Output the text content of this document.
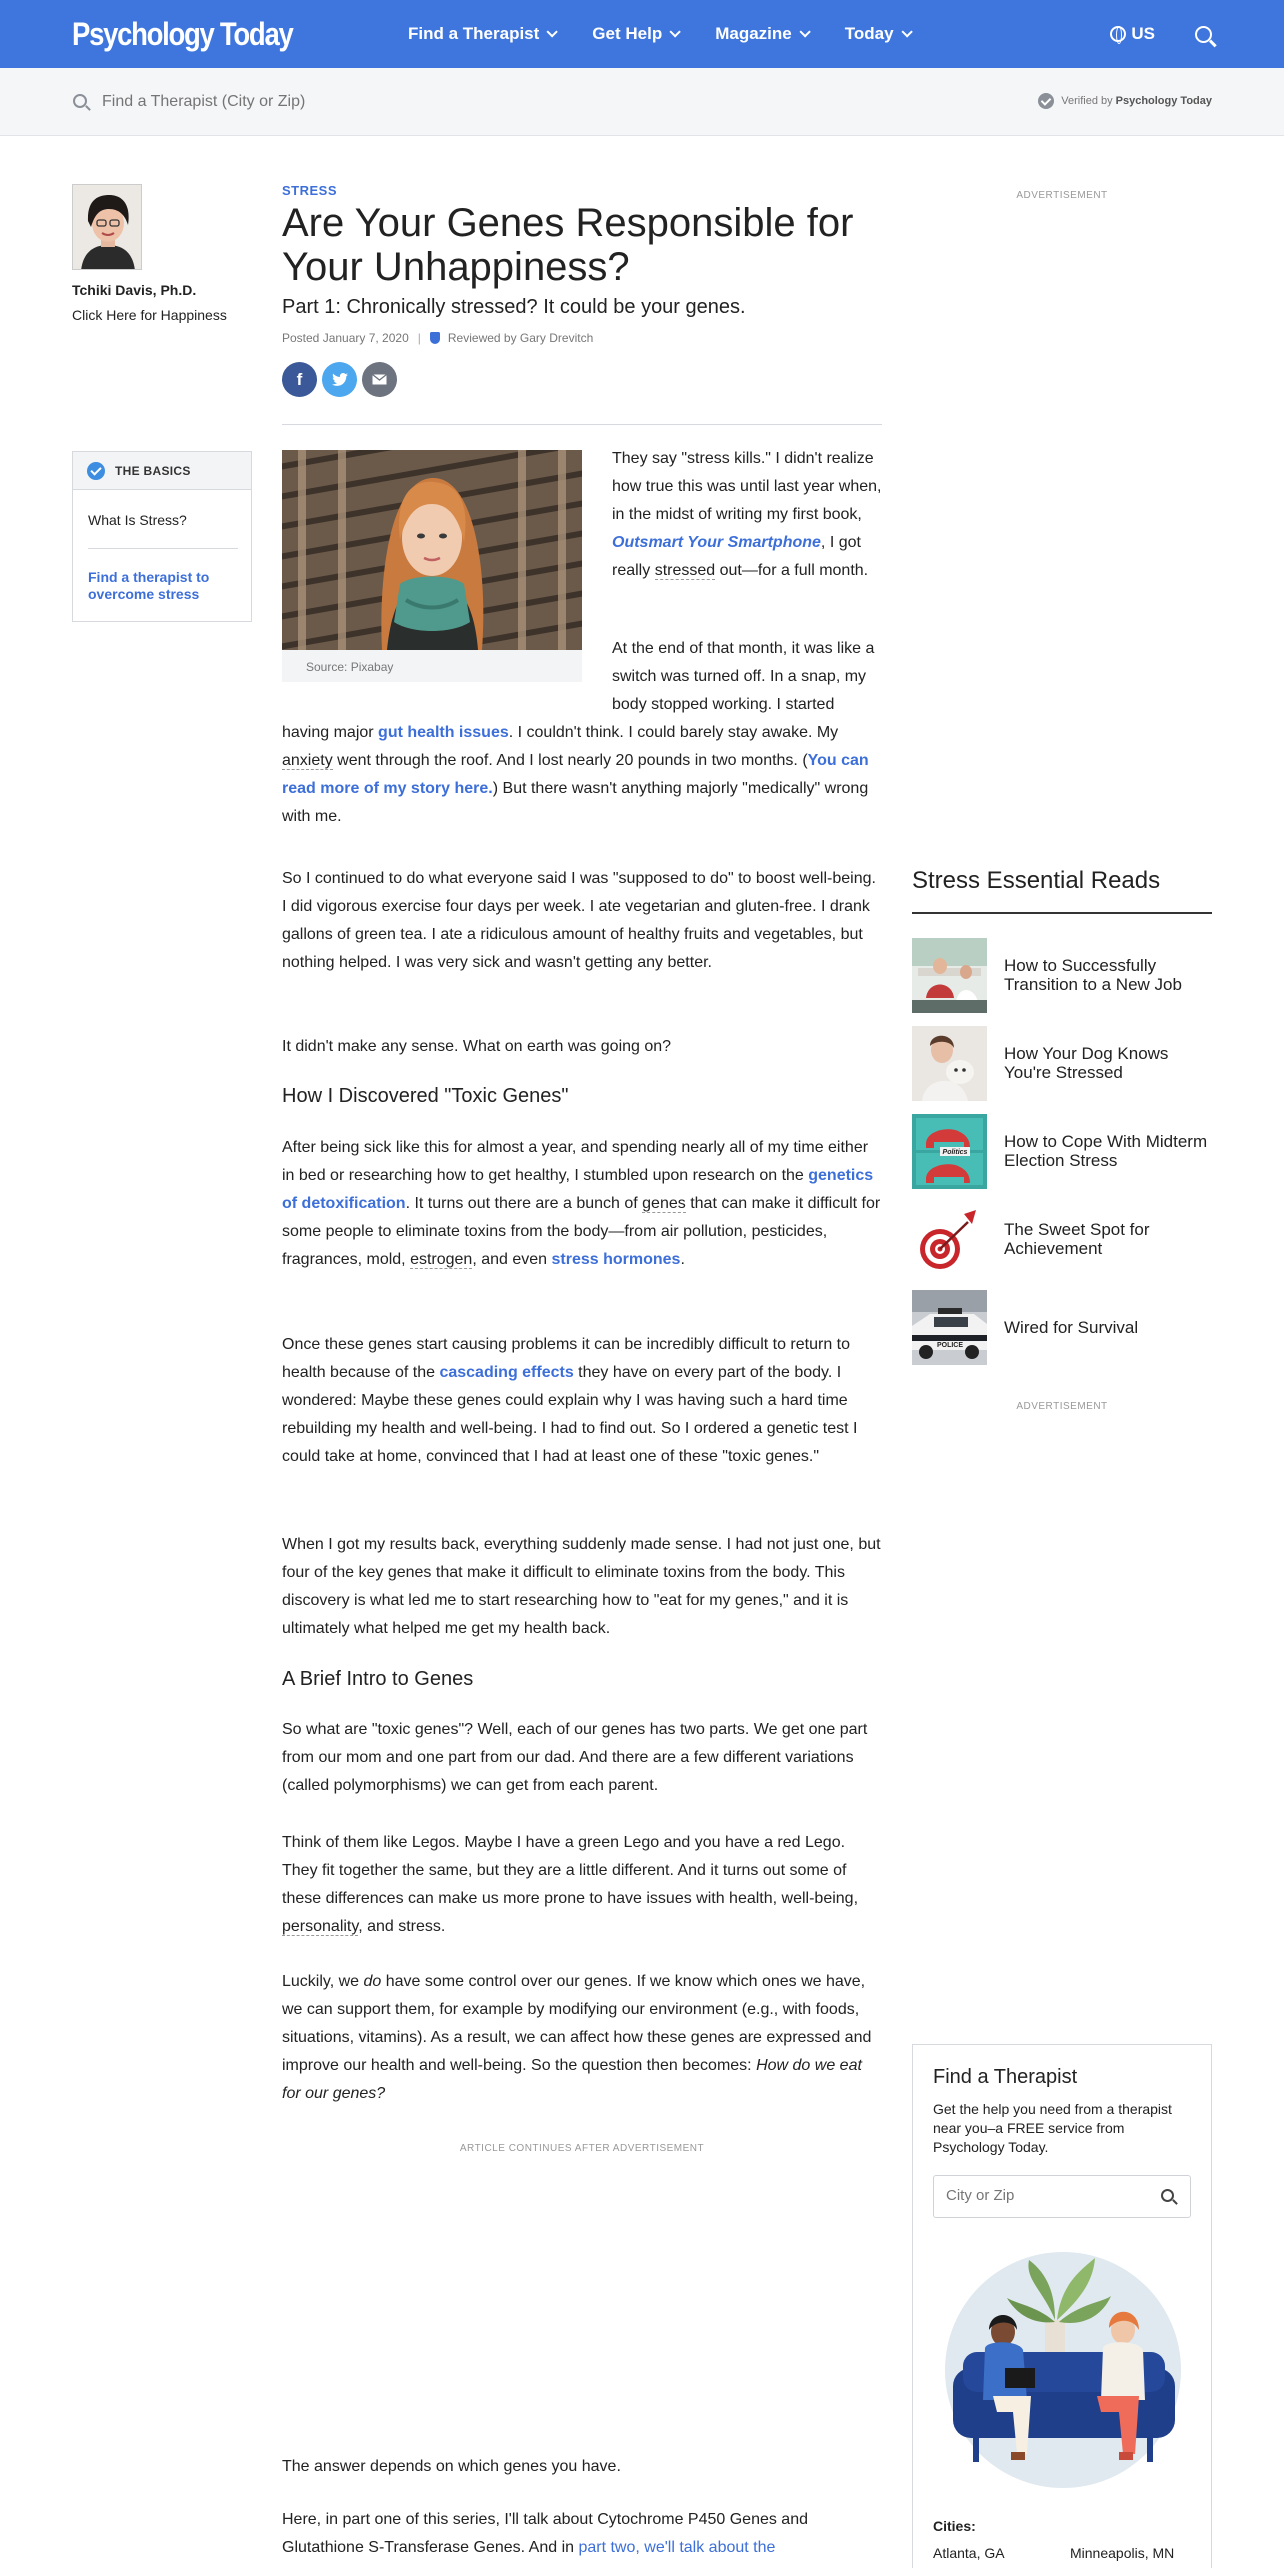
Psychology Today	Find a Therapist	Get Help	Magazine	Today	US
Find a Therapist (City or Zip)
Verified by Psychology Today
Tchiki Davis, Ph.D.
Click Here for Happiness
THE BASICS
What Is Stress?
Find a therapist to overcome stress
STRESS
Are Your Genes Responsible for Your Unhappiness?
Part 1: Chronically stressed? It could be your genes.
Posted January 7, 2020 | Reviewed by Gary Drevitch
f
Source: Pixabay
They say "stress kills." I didn't realize how true this was until last year when, in the midst of writing my first book, Outsmart Your Smartphone, I got really stressed out—for a full month.
At the end of that month, it was like a switch was turned off. In a snap, my body stopped working. I started having major gut health issues. I couldn't think. I could barely stay awake. My anxiety went through the roof. And I lost nearly 20 pounds in two months. (You can read more of my story here.) But there wasn't anything majorly "medically" wrong with me.
So I continued to do what everyone said I was "supposed to do" to boost well-being. I did vigorous exercise four days per week. I ate vegetarian and gluten-free. I drank gallons of green tea. I ate a ridiculous amount of healthy fruits and vegetables, but nothing helped. I was very sick and wasn't getting any better.
It didn't make any sense. What on earth was going on?
How I Discovered "Toxic Genes"
After being sick like this for almost a year, and spending nearly all of my time either in bed or researching how to get healthy, I stumbled upon research on the genetics of detoxification. It turns out there are a bunch of genes that can make it difficult for some people to eliminate toxins from the body—from air pollution, pesticides, fragrances, mold, estrogen, and even stress hormones.
Once these genes start causing problems it can be incredibly difficult to return to health because of the cascading effects they have on every part of the body. I wondered: Maybe these genes could explain why I was having such a hard time rebuilding my health and well-being. I had to find out. So I ordered a genetic test I could take at home, convinced that I had at least one of these "toxic genes."
When I got my results back, everything suddenly made sense. I had not just one, but four of the key genes that make it difficult to eliminate toxins from the body. This discovery is what led me to start researching how to "eat for my genes," and it is ultimately what helped me get my health back.
A Brief Intro to Genes
So what are "toxic genes"? Well, each of our genes has two parts. We get one part from our mom and one part from our dad. And there are a few different variations (called polymorphisms) we can get from each parent.
Think of them like Legos. Maybe I have a green Lego and you have a red Lego. They fit together the same, but they are a little different. And it turns out some of these differences can make us more prone to have issues with health, well-being, personality, and stress.
Luckily, we do have some control over our genes. If we know which ones we have, we can support them, for example by modifying our environment (e.g., with foods, situations, vitamins). As a result, we can affect how these genes are expressed and improve our health and well-being. So the question then becomes: How do we eat for our genes?
ARTICLE CONTINUES AFTER ADVERTISEMENT
The answer depends on which genes you have.
Here, in part one of this series, I'll talk about Cytochrome P450 Genes and Glutathione S-Transferase Genes. And in part two, we'll talk about the
ADVERTISEMENT
Stress Essential Reads
How to Successfully Transition to a New Job
How Your Dog Knows You're Stressed
Politics
How to Cope With Midterm Election Stress
The Sweet Spot for Achievement
POLICE
Wired for Survival
ADVERTISEMENT
Find a Therapist
Get the help you need from a therapist near you–a FREE service from Psychology Today.
City or Zip
Cities:
Atlanta, GA	Minneapolis, MN
